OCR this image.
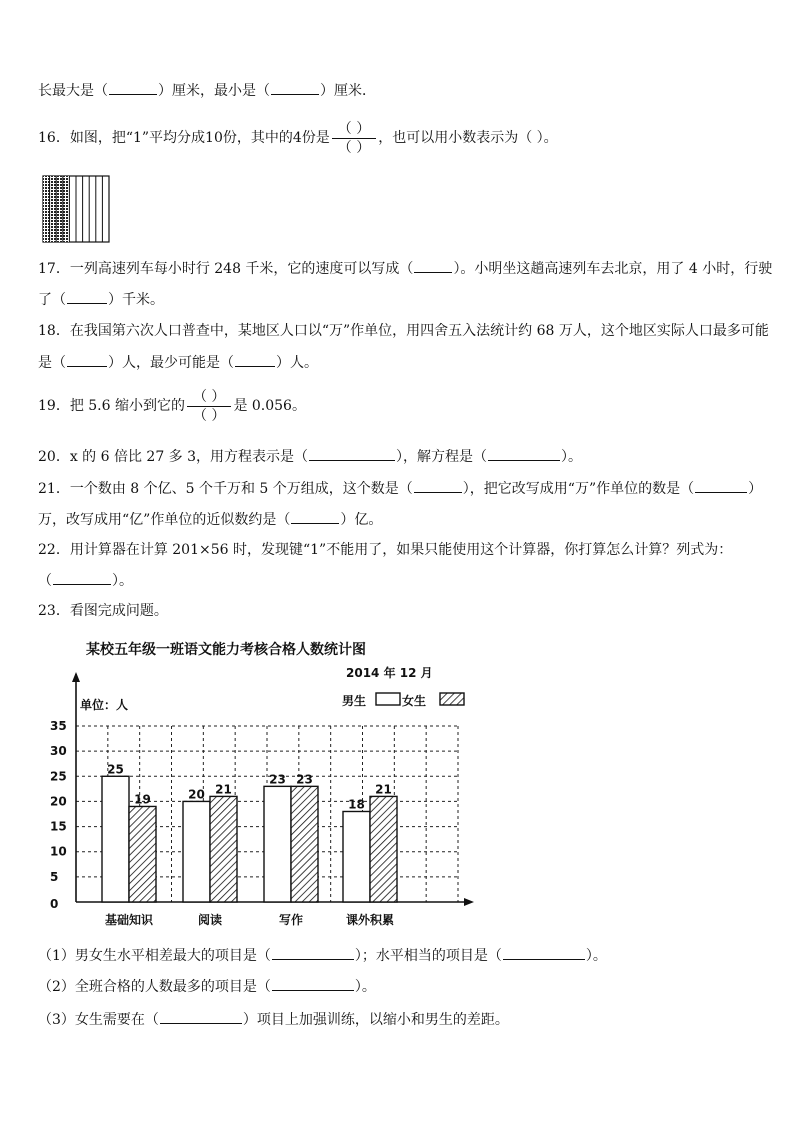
长最大是（	）厘米，最小是（	）厘米．
16．如图，把“1”平均分成10份，其中的4份是 $\frac{( )}{( )}$ ，也可以用小数表示为（ ）。
17．一列高速列车每小时行 248 千米，它的速度可以写成（	）。小明坐这趟高速列车去北京，用了 4 小时，行驶
了（	）千米。
18．在我国第六次人口普查中，某地区人口以“万”作单位，用四舍五入法统计约 68 万人，这个地区实际人口最多可能
是（	）人，最少可能是（	）人。
19．把 5.6 缩小到它的 $\frac{( )}{( )}$ 是 0.056。
20．x 的 6 倍比 27 多 3，用方程表示是（	），解方程是（	）。
21．一个数由 8 个亿、5 个千万和 5 个万组成，这个数是（	），把它改写成用“万”作单位的数是（	）
万，改写成用“亿”作单位的近似数约是（	）亿。
22．用计算器在计算 201×56 时，发现键“1”不能用了，如果只能使用这个计算器，你打算怎么计算？列式为：
（	）。
23．看图完成问题。
某校五年级一班语文能力考核合格人数统计图
2014 年 12 月
单位：人	男生	女生
0
5
10
15
20
25
30
35
25
19	20 21
23 23
18
21
基础知识	阅读	写作	课外积累
（1）男女生水平相差最大的项目是（	）；水平相当的项目是（	）。
（2）全班合格的人数最多的项目是（	）。
（3）女生需要在（	）项目上加强训练，以缩小和男生的差距。
